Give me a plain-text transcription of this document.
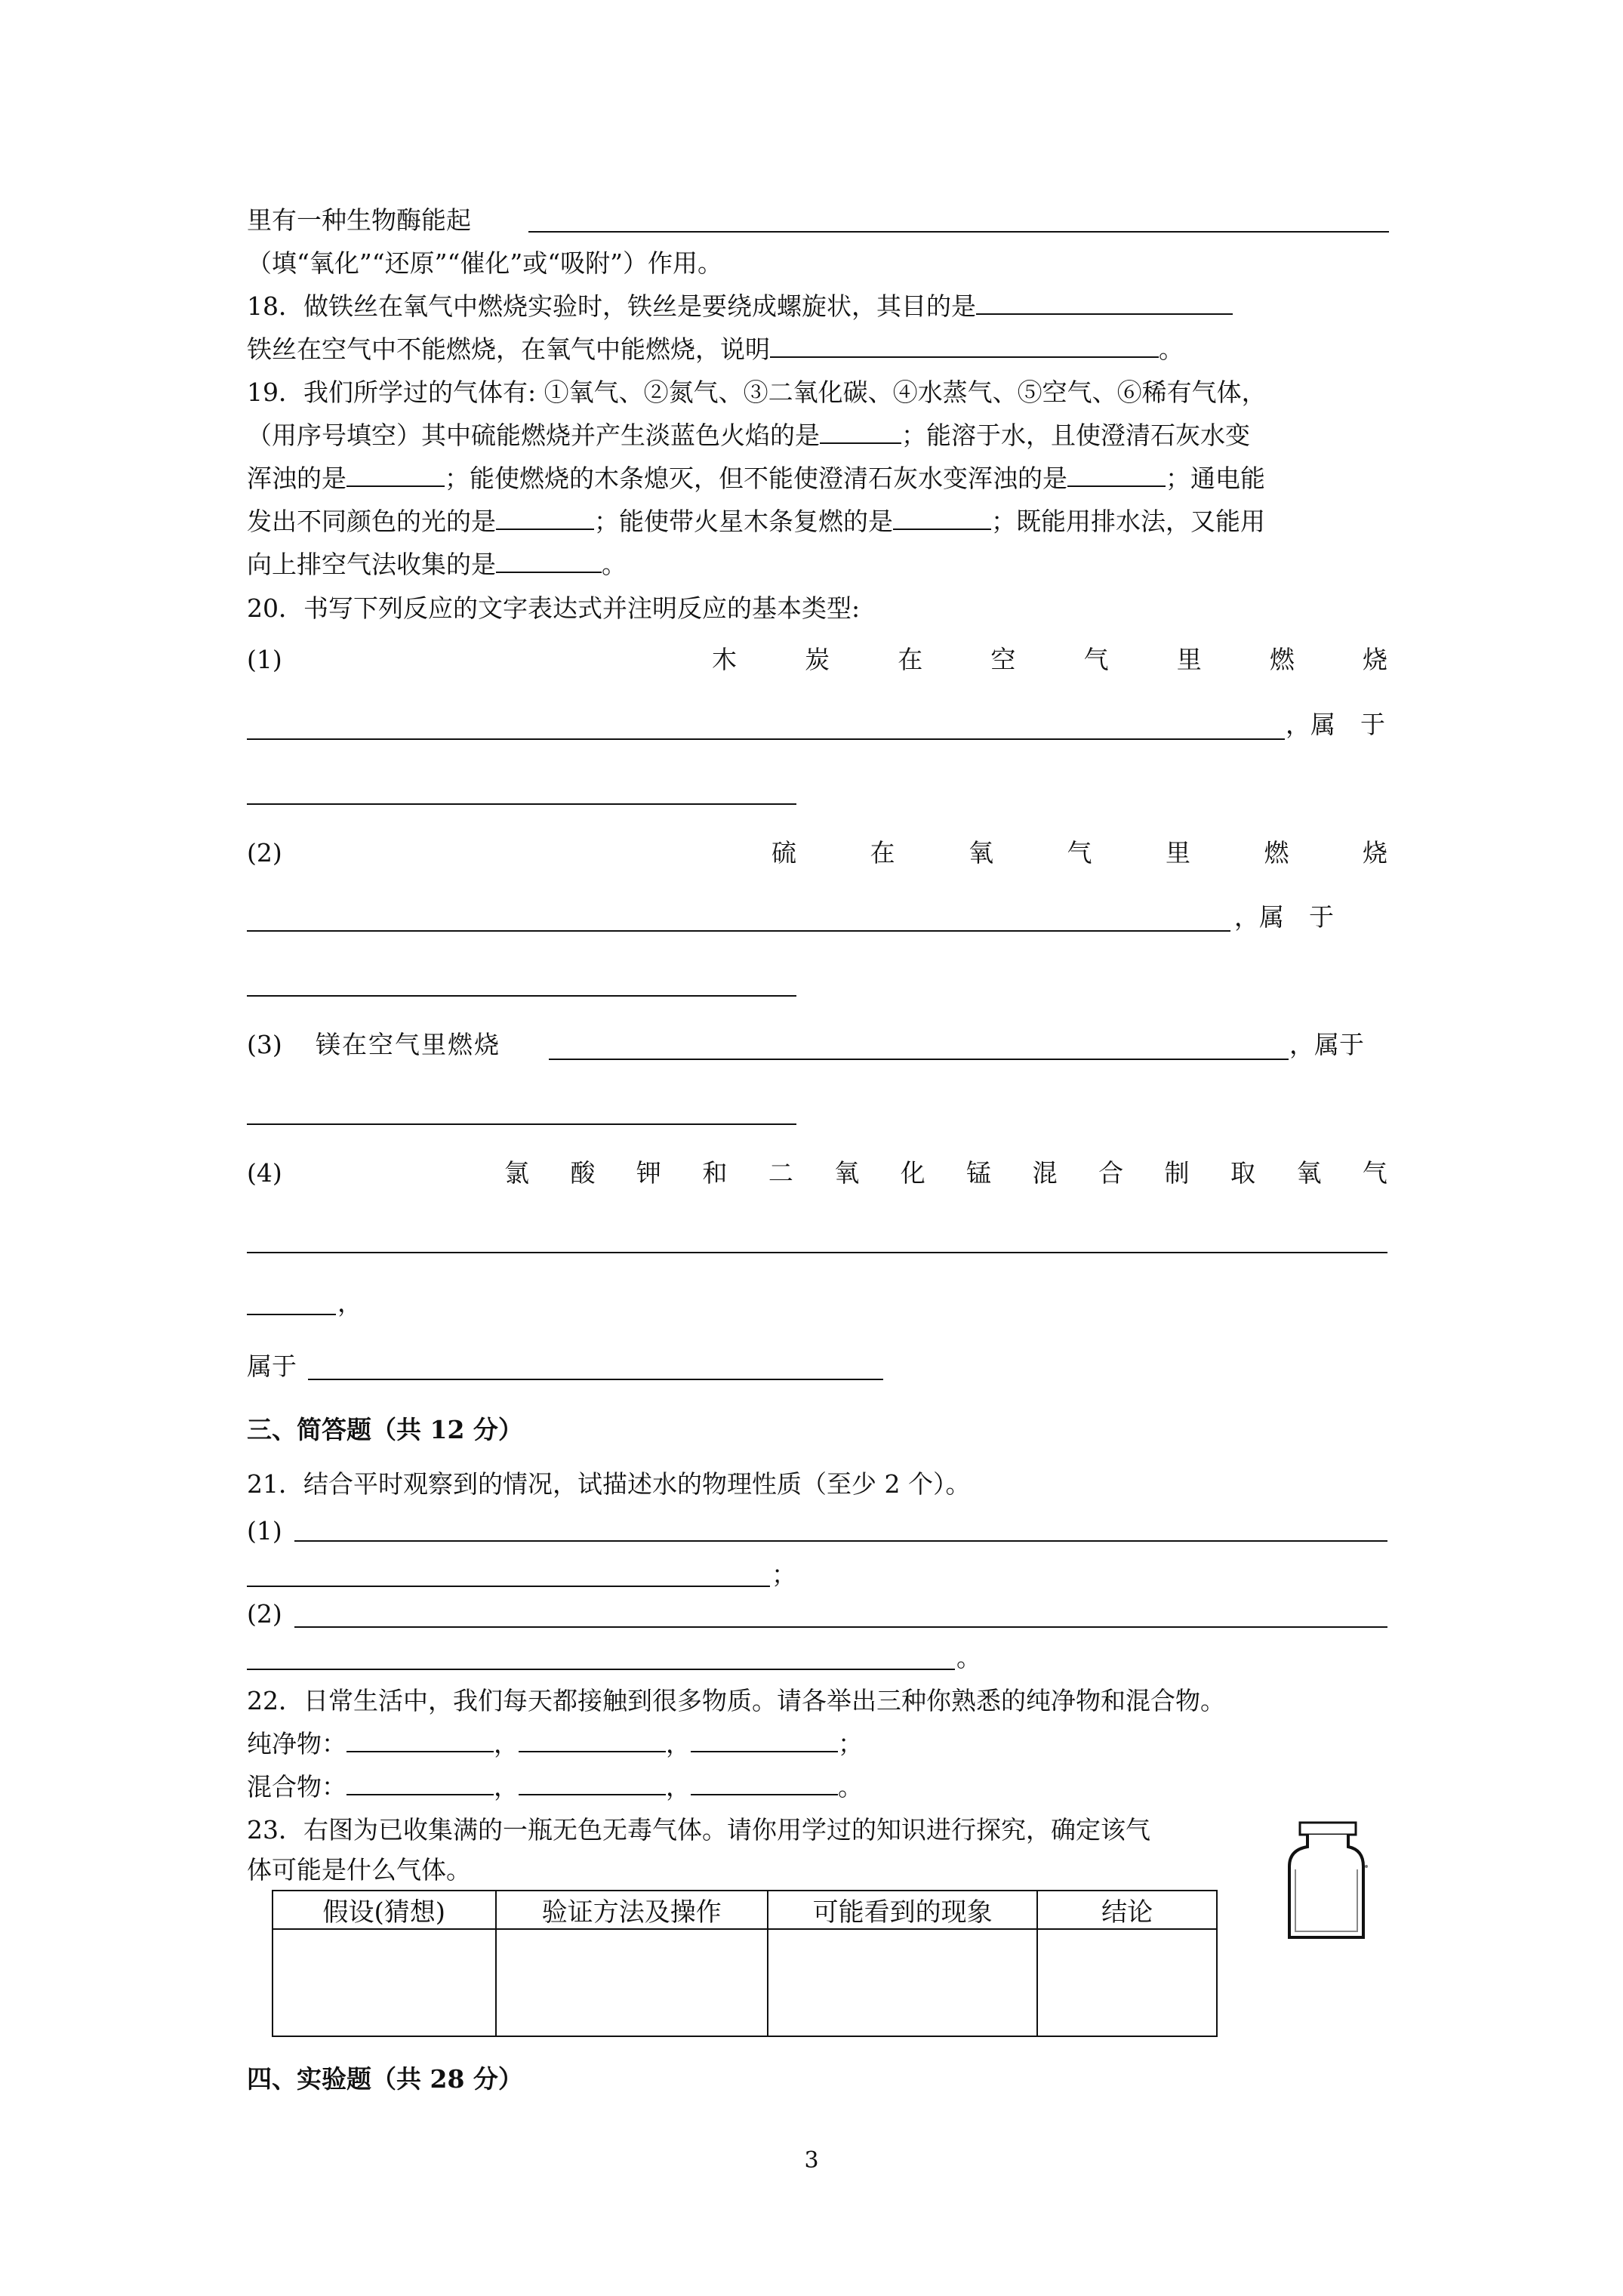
里有一种生物酶能起
（填“氧化”“还原”“催化”或“吸附”）作用。
18．做铁丝在氧气中燃烧实验时，铁丝是要绕成螺旋状，其目的是
铁丝在空气中不能燃烧，在氧气中能燃烧，说明	。
19．我们所学过的气体有: ①氧气、②氮气、③二氧化碳、④水蒸气、⑤空气、⑥稀有气体，
（用序号填空）其中硫能燃烧并产生淡蓝色火焰的是	；能溶于水，且使澄清石灰水变
浑浊的是	；能使燃烧的木条熄灭，但不能使澄清石灰水变浑浊的是	；通电能
发出不同颜色的光的是	；能使带火星木条复燃的是	；既能用排水法，又能用
向上排空气法收集的是	。
20．书写下列反应的文字表达式并注明反应的基本类型:
(1)	木	炭	在	空	气	里	燃	烧
，属　于
(2)	硫	在	氧	气	里	燃	烧
，属　于
(3) 镁在空气里燃烧	，属于
(4)	氯 酸 钾 和 二 氧 化 锰 混 合 制 取 氧 气
，
属于
三、简答题（共 12 分）
21．结合平时观察到的情况，试描述水的物理性质（至少 2 个）。
(1)
；
(2)
。
22．日常生活中，我们每天都接触到很多物质。请各举出三种你熟悉的纯净物和混合物。
纯净物：	，	，	；
混合物：	，	，	。
23．右图为已收集满的一瓶无色无毒气体。请你用学过的知识进行探究，确定该气
体可能是什么气体。
假设(猜想)	验证方法及操作	可能看到的现象	结论

四、实验题（共 28 分）
3
